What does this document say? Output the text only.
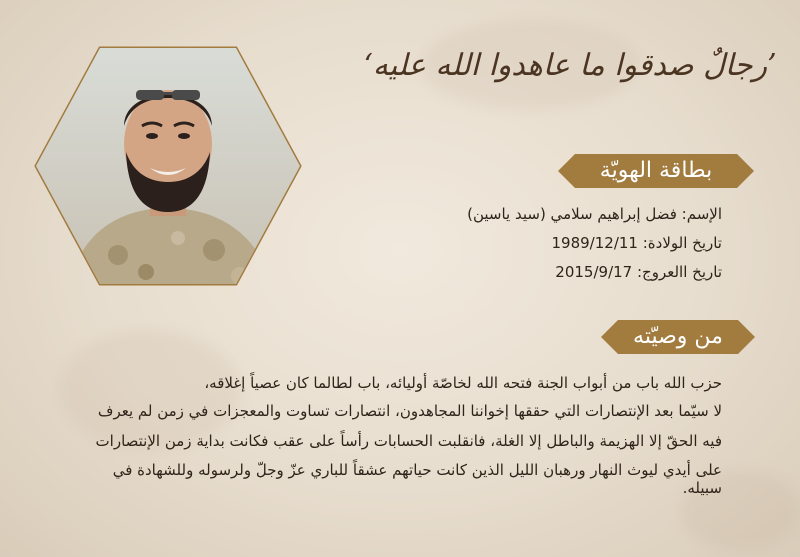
’رجالٌ صدقوا ما عاهدوا الله عليه‘
بطاقة الهويّة
الإسم: فضل إبراهيم سلامي (سيد ياسين)
تاريخ الولادة: 1989/12/11
تاريخ االعروج: 2015/9/17
من وصيّته
حزب الله باب من أبواب الجنة فتحه الله لخاصّة أوليائه، باب لطالما كان عصياً إغلاقه،
لا سيّما بعد الإنتصارات التي حققها إخواننا المجاهدون، انتصارات تساوت والمعجزات في زمن لم يعرف
فيه الحقّ إلا الهزيمة والباطل إلا الغلة، فانقلبت الحسابات رأساً على عقب فكانت بداية زمن الإنتصارات
على أيدي ليوث النهار ورهبان الليل الذين كانت حياتهم عشقاً للباري عزّ وجلّ ولرسوله وللشهادة في سبيله.
